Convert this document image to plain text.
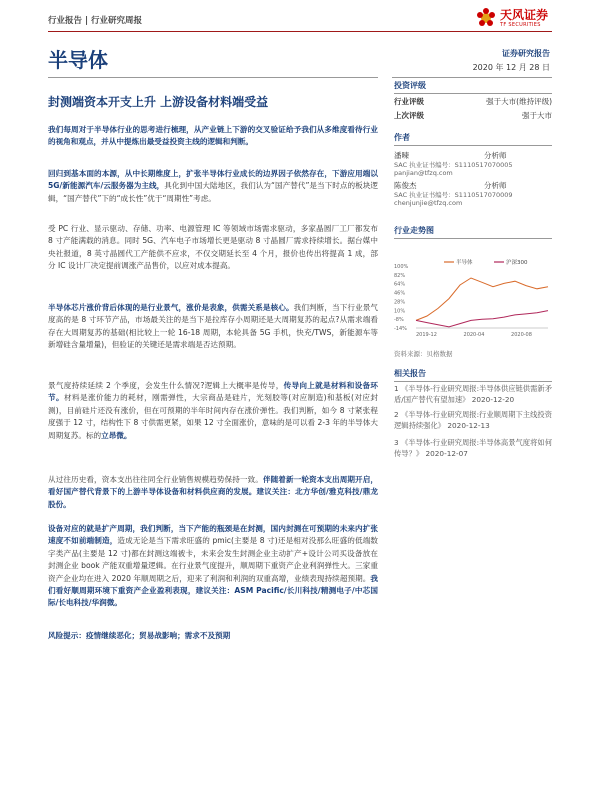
行业报告 | 行业研究周报	天风证券
TF SECURITIES
半导体	证券研究报告
2020 年 12 月 28 日
封测端资本开支上升 上游设备材料端受益
我们每周对于半导体行业的思考进行梳理，从产业链上下游的交叉验证给予我们从多维度看待行业的视角和观点，并从中提炼出最受益投资主线的逻辑和判断。
回归到基本面的本源，从中长期维度上，扩张半导体行业成长的边界因子依然存在，下游应用端以 5G/新能源汽车/云服务器为主线，具化到中国大陆地区，我们认为“国产替代”是当下时点的板块逻辑，“国产替代”下的“成长性”优于“周期性”考虑。
受 PC 行业、显示驱动、存储、功率、电源管理 IC 等领域市场需求驱动，多家晶圆厂工厂都发布 8 寸产能满载的消息。同时 5G、汽车电子市场增长更是驱动 8 寸晶圆厂需求持续增长。据台媒中央社报道，8 英寸晶圆代工产能供不应求，不仅交期延长至 4 个月，报价也传出将提高 1 成，部分 IC 设计厂决定提前调涨产品售价，以应对成本提高。
半导体芯片涨价背后体现的是行业景气，涨价是表象，供需关系是核心。我们判断，当下行业景气度高的是 8 寸环节产品，市场最关注的是当下是拉库存小周期还是大周期复苏的起点?从需求端看存在大周期复苏的基础(相比较上一轮 16-18 周期，本轮具备 5G 手机，快充/TWS，新能源车等新增硅含量增量)，但验证的关键还是需求端是否达预期。
景气度持续延续 2 个季度，会发生什么情况?逻辑上大概率是传导，传导向上就是材料和设备环节。材料是涨价能力的耗材，刚需弹性，大宗商品是硅片，光刻胶等(对应制造)和基板(对应封测)，目前硅片还没有涨价，但在可预期的半年时间内存在涨价弹性。我们判断，如今 8 寸紧张程度强于 12 寸，结构性下 8 寸供需更紧，如果 12 寸全面涨价，意味的是可以看 2-3 年的半导体大周期复苏。标的立昂微。
从过往历史看，资本支出往往同全行业销售规模趋势保持一致。伴随着新一轮资本支出周期开启，看好国产替代背景下的上游半导体设备和材料供应商的发展。建议关注：北方华创/雅克科技/鼎龙股份。
设备对应的就是扩产周期，我们判断，当下产能的瓶颈是在封测，国内封测在可预期的未来内扩张速度不如前端制造，造成无论是当下需求旺盛的 pmic(主要是 8 寸)还是相对没那么旺盛的低端数字类产品(主要是 12 寸)都在封测这端被卡，未来会发生封测企业主动扩产+设计公司买设备放在封测企业 book 产能双重增量逻辑。在行业景气度提升，顺周期下重资产企业利润弹性大。三家重资产企业均在进入 2020 年顺周期之后，迎来了利润和利润的双重高增，业绩表现持续超预期。我们看好顺周期环境下重资产企业盈利表现，建议关注：ASM Pacific/长川科技/精测电子/中芯国际/长电科技/华润微。
风险提示：疫情继续恶化；贸易战影响；需求不及预期
投资评级
行业评级	强于大市(维持评级)
上次评级	强于大市
作者
潘暕	分析师
SAC 执业证书编号：S1110517070005
panjian@tfzq.com
陈俊杰	分析师
SAC 执业证书编号：S1110517070009
chenjunjie@tfzq.com
行业走势图
100%
82%
64%
46%
28%
10%
-8%
-14%
2019-12	2020-04	2020-08
半导体	沪深300
资料来源：贝格数据
相关报告
1 《半导体-行业研究周报:半导体供应链供需新矛盾/国产替代有望加速》 2020-12-20
2 《半导体-行业研究周报:行业顺周期下主线投资逻辑持续强化》 2020-12-13
3 《半导体-行业研究周报:半导体高景气度将如何传导？》 2020-12-07
